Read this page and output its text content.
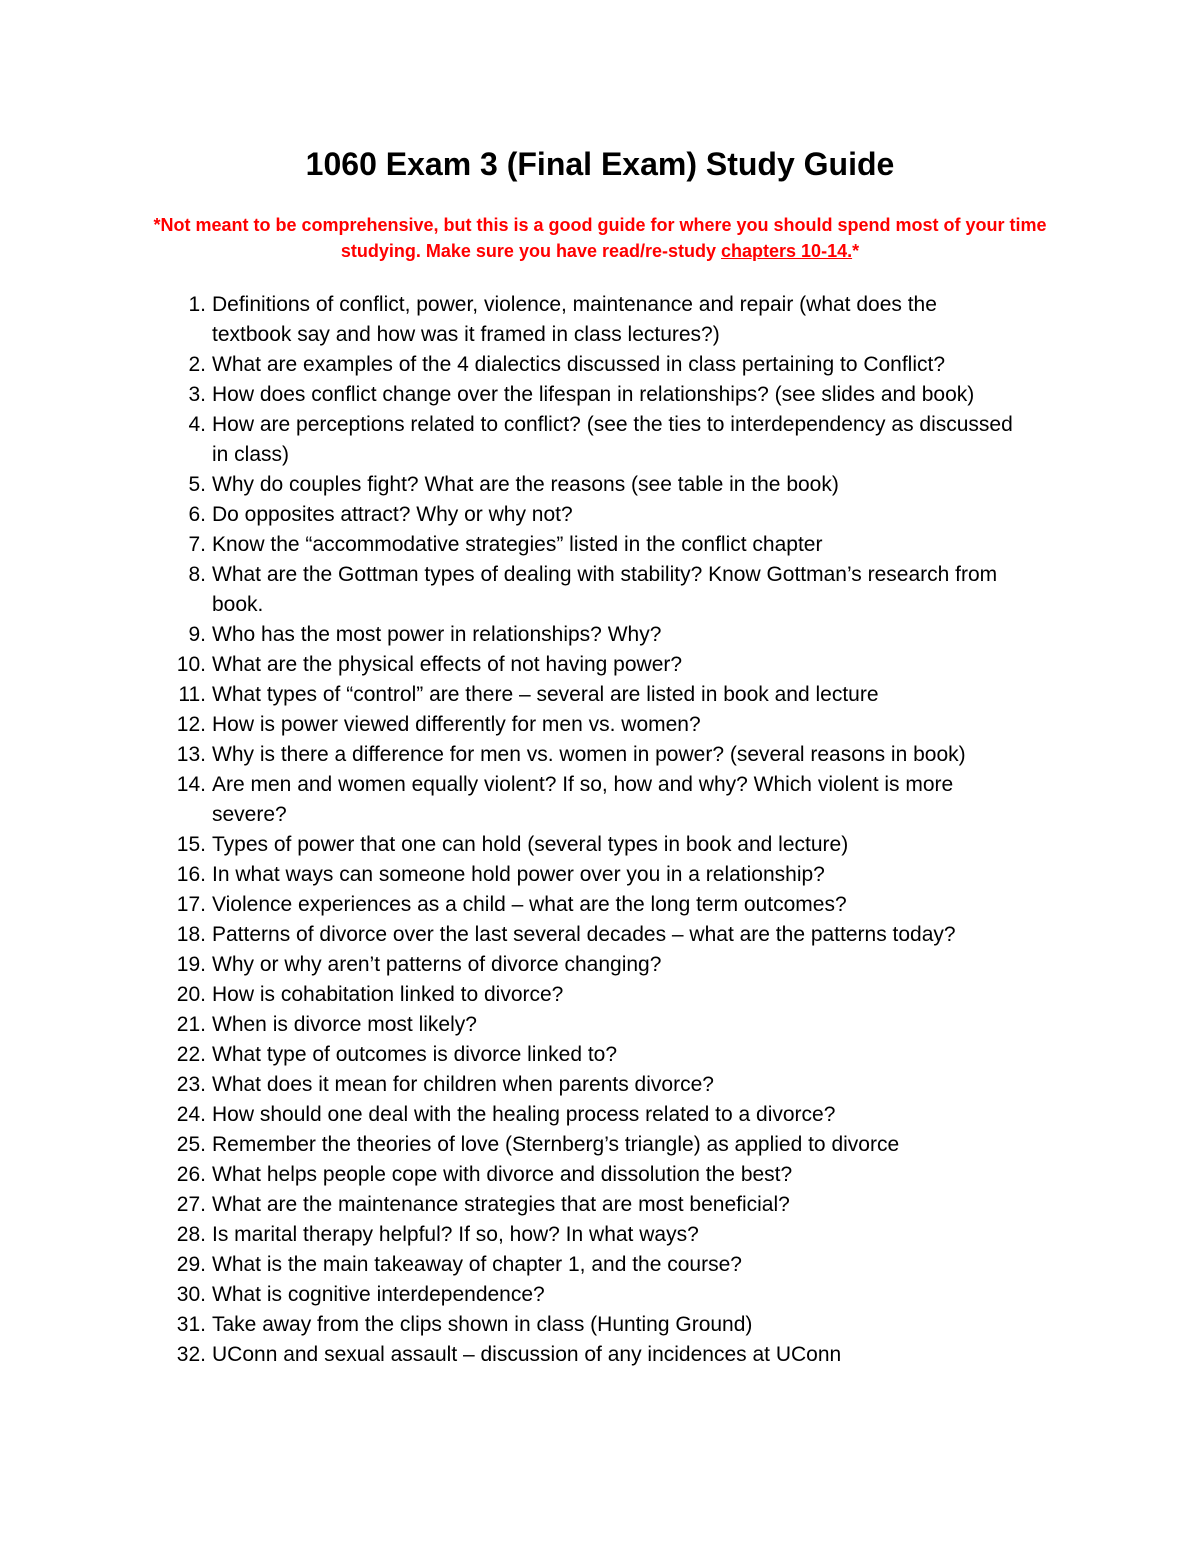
1060 Exam 3 (Final Exam) Study Guide
*Not meant to be comprehensive, but this is a good guide for where you should spend most of your time studying. Make sure you have read/re-study chapters 10-14.*
1. Definitions of conflict, power, violence, maintenance and repair (what does the textbook say and how was it framed in class lectures?)
2. What are examples of the 4 dialectics discussed in class pertaining to Conflict?
3. How does conflict change over the lifespan in relationships? (see slides and book)
4. How are perceptions related to conflict? (see the ties to interdependency as discussed in class)
5. Why do couples fight? What are the reasons (see table in the book)
6. Do opposites attract? Why or why not?
7. Know the “accommodative strategies” listed in the conflict chapter
8. What are the Gottman types of dealing with stability? Know Gottman’s research from book.
9. Who has the most power in relationships? Why?
10. What are the physical effects of not having power?
11. What types of “control” are there – several are listed in book and lecture
12. How is power viewed differently for men vs. women?
13. Why is there a difference for men vs. women in power? (several reasons in book)
14. Are men and women equally violent? If so, how and why? Which violent is more severe?
15. Types of power that one can hold (several types in book and lecture)
16. In what ways can someone hold power over you in a relationship?
17. Violence experiences as a child – what are the long term outcomes?
18. Patterns of divorce over the last several decades – what are the patterns today?
19. Why or why aren’t patterns of divorce changing?
20. How is cohabitation linked to divorce?
21. When is divorce most likely?
22. What type of outcomes is divorce linked to?
23. What does it mean for children when parents divorce?
24. How should one deal with the healing process related to a divorce?
25. Remember the theories of love (Sternberg’s triangle) as applied to divorce
26. What helps people cope with divorce and dissolution the best?
27. What are the maintenance strategies that are most beneficial?
28. Is marital therapy helpful? If so, how? In what ways?
29. What is the main takeaway of chapter 1, and the course?
30. What is cognitive interdependence?
31. Take away from the clips shown in class (Hunting Ground)
32. UConn and sexual assault – discussion of any incidences at UConn
